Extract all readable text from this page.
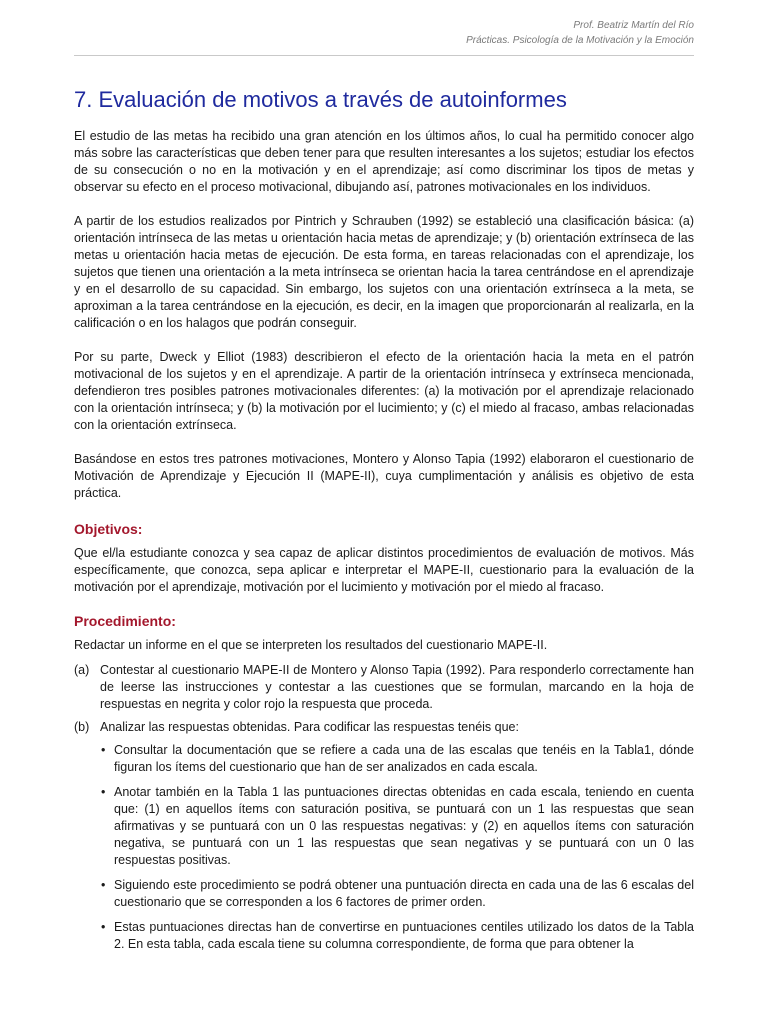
Prof. Beatriz Martín del Río
Prácticas. Psicología de la Motivación y la Emoción
7. Evaluación de motivos a través de autoinformes

El estudio de las metas ha recibido una gran atención en los últimos años, lo cual ha permitido conocer algo más sobre las características que deben tener para que resulten interesantes a los sujetos; estudiar los efectos de su consecución o no en la motivación y en el aprendizaje; así como discriminar los tipos de metas y observar su efecto en el proceso motivacional, dibujando así, patrones motivacionales en los individuos.

A partir de los estudios realizados por Pintrich y Schrauben (1992) se estableció una clasificación básica: (a) orientación intrínseca de las metas u orientación hacia metas de aprendizaje; y (b) orientación extrínseca de las metas u orientación hacia metas de ejecución. De esta forma, en tareas relacionadas con el aprendizaje, los sujetos que tienen una orientación a la meta intrínseca se orientan hacia la tarea centrándose en el aprendizaje y en el desarrollo de su capacidad. Sin embargo, los sujetos con una orientación extrínseca a la meta, se aproximan a la tarea centrándose en la ejecución, es decir, en la imagen que proporcionarán al realizarla, en la calificación o en los halagos que podrán conseguir.

Por su parte, Dweck y Elliot (1983) describieron el efecto de la orientación hacia la meta en el patrón motivacional de los sujetos y en el aprendizaje. A partir de la orientación intrínseca y extrínseca mencionada, defendieron tres posibles patrones motivacionales diferentes: (a) la motivación por el aprendizaje relacionado con la orientación intrínseca; y (b) la motivación por el lucimiento; y (c) el miedo al fracaso, ambas relacionadas con la orientación extrínseca.

Basándose en estos tres patrones motivaciones, Montero y Alonso Tapia (1992) elaboraron el cuestionario de Motivación de Aprendizaje y Ejecución II (MAPE-II), cuya cumplimentación y análisis es objetivo de esta práctica.

Objetivos:

Que el/la estudiante conozca y sea capaz de aplicar distintos procedimientos de evaluación de motivos. Más específicamente, que conozca, sepa aplicar e interpretar el MAPE-II, cuestionario para la evaluación de la motivación por el aprendizaje, motivación por el lucimiento y motivación por el miedo al fracaso.

Procedimiento:

Redactar un informe en el que se interpreten los resultados del cuestionario MAPE-II.

(a) Contestar al cuestionario MAPE-II de Montero y Alonso Tapia (1992). Para responderlo correctamente han de leerse las instrucciones y contestar a las cuestiones que se formulan, marcando en la hoja de respuestas en negrita y color rojo la respuesta que proceda.

(b) Analizar las respuestas obtenidas. Para codificar las respuestas tenéis que:

• Consultar la documentación que se refiere a cada una de las escalas que tenéis en la Tabla1, dónde figuran los ítems del cuestionario que han de ser analizados en cada escala.

• Anotar también en la Tabla 1 las puntuaciones directas obtenidas en cada escala, teniendo en cuenta que: (1) en aquellos ítems con saturación positiva, se puntuará con un 1 las respuestas que sean afirmativas y se puntuará con un 0 las respuestas negativas: y (2) en aquellos ítems con saturación negativa, se puntuará con un 1 las respuestas que sean negativas y se puntuará con un 0 las respuestas positivas.

• Siguiendo este procedimiento se podrá obtener una puntuación directa en cada una de las 6 escalas del cuestionario que se corresponden a los 6 factores de primer orden.

• Estas puntuaciones directas han de convertirse en puntuaciones centiles utilizado los datos de la Tabla 2. En esta tabla, cada escala tiene su columna correspondiente, de forma que para obtener la
